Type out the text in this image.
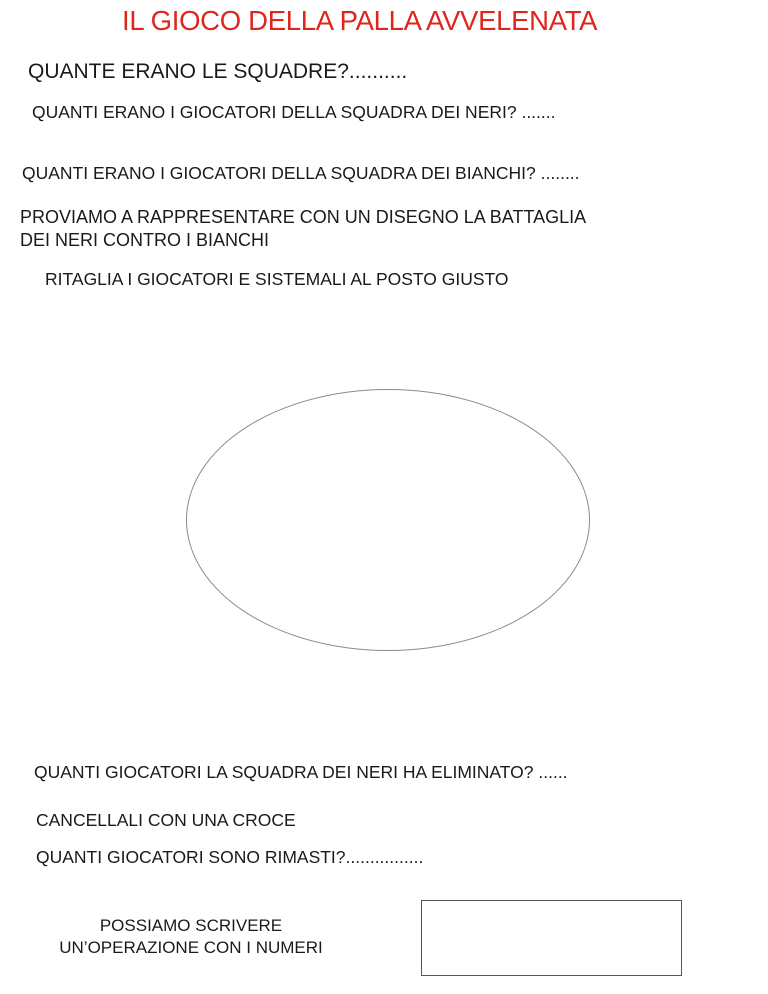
IL GIOCO DELLA PALLA AVVELENATA
QUANTE ERANO LE SQUADRE?..........
QUANTI ERANO I GIOCATORI DELLA SQUADRA DEI NERI? .......
QUANTI ERANO I GIOCATORI DELLA SQUADRA DEI BIANCHI? ........
PROVIAMO A RAPPRESENTARE CON UN DISEGNO LA BATTAGLIA
DEI NERI CONTRO I BIANCHI
RITAGLIA I GIOCATORI E SISTEMALI AL POSTO GIUSTO
QUANTI GIOCATORI LA SQUADRA DEI NERI HA ELIMINATO? ......
CANCELLALI CON UNA CROCE
QUANTI GIOCATORI SONO RIMASTI?................
POSSIAMO SCRIVERE
UN’OPERAZIONE CON I NUMERI
